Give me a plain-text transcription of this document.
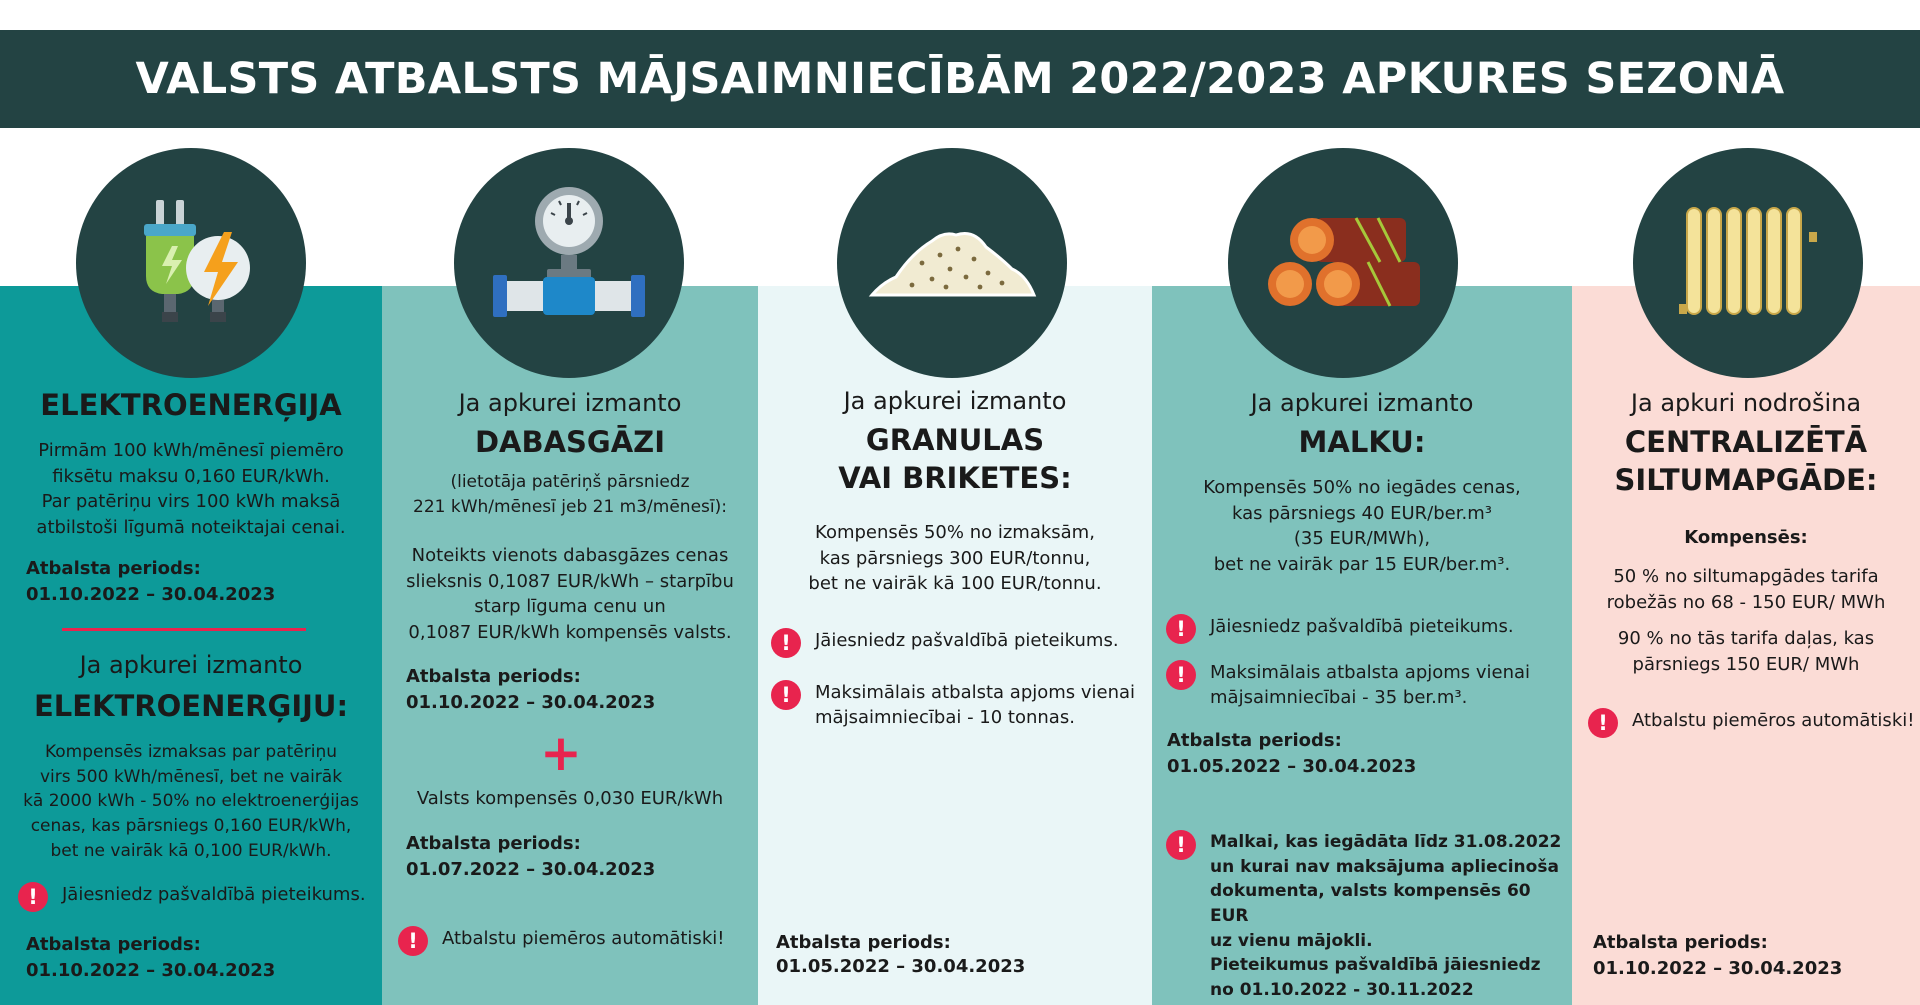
VALSTS ATBALSTS MĀJSAIMNIECĪBĀM 2022/2023 APKURES SEZONĀ
ELEKTROENERĢIJA
Pirmām 100 kWh/mēnesī piemēro
fiksētu maksu 0,160 EUR/kWh.
Par patēriņu virs 100 kWh maksā
atbilstoši līgumā noteiktajai cenai.
Atbalsta periods:
01.10.2022 – 30.04.2023
Ja apkurei izmanto
ELEKTROENERĢIJU:
Kompensēs izmaksas par patēriņu
virs 500 kWh/mēnesī, bet ne vairāk
kā 2000 kWh - 50% no elektroenerģijas
cenas, kas pārsniegs 0,160 EUR/kWh,
bet ne vairāk kā 0,100 EUR/kWh.
!	Jāiesniedz pašvaldībā pieteikums.
Atbalsta periods:
01.10.2022 – 30.04.2023
Ja apkurei izmanto
DABASGĀZI
(lietotāja patēriņš pārsniedz
221 kWh/mēnesī jeb 21 m3/mēnesī):
Noteikts vienots dabasgāzes cenas
slieksnis 0,1087 EUR/kWh – starpību
starp līguma cenu un
0,1087 EUR/kWh kompensēs valsts.
Atbalsta periods:
01.10.2022 – 30.04.2023
+
Valsts kompensēs 0,030 EUR/kWh
Atbalsta periods:
01.07.2022 – 30.04.2023
!	Atbalstu piemēros automātiski!
Ja apkurei izmanto
GRANULAS
VAI BRIKETES:
Kompensēs 50% no izmaksām,
kas pārsniegs 300 EUR/tonnu,
bet ne vairāk kā 100 EUR/tonnu.
!	Jāiesniedz pašvaldībā pieteikums.
!	Maksimālais atbalsta apjoms vienai
mājsaimniecībai - 10 tonnas.
Atbalsta periods:
01.05.2022 – 30.04.2023
Ja apkurei izmanto
MALKU:
Kompensēs 50% no iegādes cenas,
kas pārsniegs 40 EUR/ber.m³
(35 EUR/MWh),
bet ne vairāk par 15 EUR/ber.m³.
!	Jāiesniedz pašvaldībā pieteikums.
!	Maksimālais atbalsta apjoms vienai
mājsaimniecībai - 35 ber.m³.
Atbalsta periods:
01.05.2022 – 30.04.2023
!	Malkai, kas iegādāta līdz 31.08.2022
un kurai nav maksājuma apliecinoša
dokumenta, valsts kompensēs 60 EUR
uz vienu mājokli.
Pieteikumus pašvaldībā jāiesniedz
no 01.10.2022 - 30.11.2022
Ja apkuri nodrošina
CENTRALIZĒTĀ
SILTUMAPGĀDE:
Kompensēs:
50 % no siltumapgādes tarifa
robežās no 68 - 150 EUR/ MWh
90 % no tās tarifa daļas, kas
pārsniegs 150 EUR/ MWh
!	Atbalstu piemēros automātiski!
Atbalsta periods:
01.10.2022 – 30.04.2023
